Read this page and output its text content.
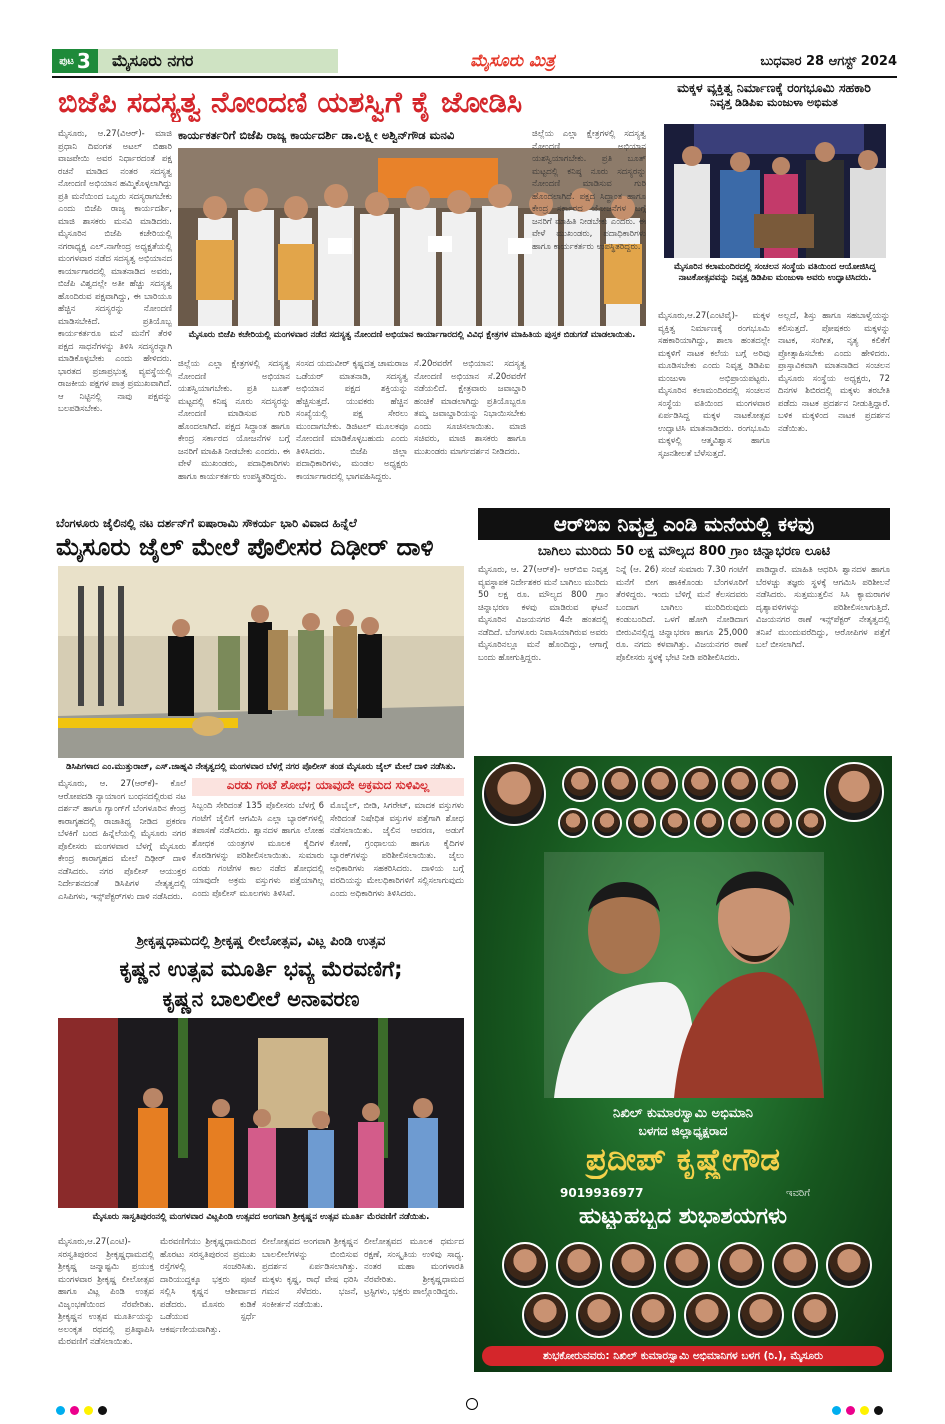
ಪುಟ 3	ಮೈಸೂರು ನಗರ	ಮೈಸೂರು ಮಿತ್ರ	ಬುಧವಾರ 28 ಆಗಸ್ಟ್ 2024
ಬಿಜೆಪಿ ಸದಸ್ಯತ್ವ ನೋಂದಣಿ ಯಶಸ್ವಿಗೆ ಕೈ ಜೋಡಿಸಿ
ಮೈಸೂರು, ಆ.27(ವಿಆರ್‌)- ಮಾಜಿ ಪ್ರಧಾನಿ ದಿವಂಗತ ಅಟಲ್ ಬಿಹಾರಿ ವಾಜಪೇಯಿ ಅವರ ನಿರ್ಧಾರದಂತೆ ಪಕ್ಷ ರಚನೆ ಮಾಡಿದ ನಂತರ ಸದಸ್ಯತ್ವ ನೋಂದಣಿ ಅಭಿಯಾನ ಹಮ್ಮಿಕೊಳ್ಳಲಾಗಿದ್ದು ಪ್ರತಿ ಮನೆಯಿಂದ ಒಬ್ಬರು ಸದಸ್ಯರಾಗಬೇಕು ಎಂದು ಬಿಜೆಪಿ ರಾಜ್ಯ ಕಾರ್ಯದರ್ಶಿ, ಮಾಜಿ ಶಾಸಕರು ಮನವಿ ಮಾಡಿದರು. ಮೈಸೂರಿನ ಬಿಜೆಪಿ ಕಚೇರಿಯಲ್ಲಿ ನಗರಾಧ್ಯಕ್ಷ ಎಲ್.ನಾಗೇಂದ್ರ ಅಧ್ಯಕ್ಷತೆಯಲ್ಲಿ ಮಂಗಳವಾರ ನಡೆದ ಸದಸ್ಯತ್ವ ಅಭಿಯಾನದ ಕಾರ್ಯಾಗಾರದಲ್ಲಿ ಮಾತನಾಡಿದ ಅವರು, ಬಿಜೆಪಿ ವಿಶ್ವದಲ್ಲೇ ಅತೀ ಹೆಚ್ಚು ಸದಸ್ಯತ್ವ ಹೊಂದಿರುವ ಪಕ್ಷವಾಗಿದ್ದು, ಈ ಬಾರಿಯೂ ಹೆಚ್ಚಿನ ಸದಸ್ಯರನ್ನು ನೋಂದಣಿ ಮಾಡಿಸಬೇಕಿದೆ. ಪ್ರತಿಯೊಬ್ಬ ಕಾರ್ಯಕರ್ತರೂ ಮನೆ ಮನೆಗೆ ತೆರಳಿ ಪಕ್ಷದ ಸಾಧನೆಗಳನ್ನು ತಿಳಿಸಿ ಸದಸ್ಯರನ್ನಾಗಿ ಮಾಡಿಕೊಳ್ಳಬೇಕು ಎಂದು ಹೇಳಿದರು. ಭಾರತದ ಪ್ರಜಾಪ್ರಭುತ್ವ ವ್ಯವಸ್ಥೆಯಲ್ಲಿ ರಾಜಕೀಯ ಪಕ್ಷಗಳ ಪಾತ್ರ ಪ್ರಮುಖವಾಗಿದೆ. ಆ ನಿಟ್ಟಿನಲ್ಲಿ ನಾವು ಪಕ್ಷವನ್ನು ಬಲಪಡಿಸಬೇಕು.
ಕಾರ್ಯಕರ್ತರಿಗೆ ಬಿಜೆಪಿ ರಾಜ್ಯ ಕಾರ್ಯದರ್ಶಿ ಡಾ.ಲಕ್ಷ್ಮೀ ಅಶ್ವಿನ್‌ಗೌಡ ಮನವಿ
ಮೈಸೂರು ಬಿಜೆಪಿ ಕಚೇರಿಯಲ್ಲಿ ಮಂಗಳವಾರ ನಡೆದ ಸದಸ್ಯತ್ವ ನೋಂದಣಿ ಅಭಿಯಾನ ಕಾರ್ಯಾಗಾರದಲ್ಲಿ ವಿವಿಧ ಕ್ಷೇತ್ರಗಳ ಮಾಹಿತಿಯ ಪುಸ್ತಕ ಬಿಡುಗಡೆ ಮಾಡಲಾಯಿತು.
ಜಿಲ್ಲೆಯ ಎಲ್ಲಾ ಕ್ಷೇತ್ರಗಳಲ್ಲಿ ಸದಸ್ಯತ್ವ ನೋಂದಣಿ ಅಭಿಯಾನ ಯಶಸ್ವಿಯಾಗಬೇಕು. ಪ್ರತಿ ಬೂತ್ ಮಟ್ಟದಲ್ಲಿ ಕನಿಷ್ಠ ನೂರು ಸದಸ್ಯರನ್ನು ನೋಂದಣಿ ಮಾಡಿಸುವ ಗುರಿ ಹೊಂದಲಾಗಿದೆ. ಪಕ್ಷದ ಸಿದ್ಧಾಂತ ಹಾಗೂ ಕೇಂದ್ರ ಸರ್ಕಾರದ ಯೋಜನೆಗಳ ಬಗ್ಗೆ ಜನರಿಗೆ ಮಾಹಿತಿ ನೀಡಬೇಕು ಎಂದರು. ಈ ವೇಳೆ ಮುಖಂಡರು, ಪದಾಧಿಕಾರಿಗಳು ಹಾಗೂ ಕಾರ್ಯಕರ್ತರು ಉಪಸ್ಥಿತರಿದ್ದರು.
ಸಂಸದ ಯದುವೀರ್ ಕೃಷ್ಣದತ್ತ ಚಾಮರಾಜ ಒಡೆಯರ್ ಮಾತನಾಡಿ, ಸದಸ್ಯತ್ವ ಅಭಿಯಾನ ಪಕ್ಷದ ಶಕ್ತಿಯನ್ನು ಹೆಚ್ಚಿಸುತ್ತದೆ. ಯುವಕರು ಹೆಚ್ಚಿನ ಸಂಖ್ಯೆಯಲ್ಲಿ ಪಕ್ಷ ಸೇರಲು ಮುಂದಾಗಬೇಕು. ಡಿಜಿಟಲ್ ಮೂಲಕವೂ ನೋಂದಣಿ ಮಾಡಿಕೊಳ್ಳಬಹುದು ಎಂದು ತಿಳಿಸಿದರು. ಬಿಜೆಪಿ ಜಿಲ್ಲಾ ಪದಾಧಿಕಾರಿಗಳು, ಮಂಡಲ ಅಧ್ಯಕ್ಷರು ಕಾರ್ಯಾಗಾರದಲ್ಲಿ ಭಾಗವಹಿಸಿದ್ದರು.
ಸೆ.20ರವರೆಗೆ ಅಭಿಯಾನ: ಸದಸ್ಯತ್ವ ನೋಂದಣಿ ಅಭಿಯಾನ ಸೆ.20ರವರೆಗೆ ನಡೆಯಲಿದೆ. ಕ್ಷೇತ್ರವಾರು ಜವಾಬ್ದಾರಿ ಹಂಚಿಕೆ ಮಾಡಲಾಗಿದ್ದು ಪ್ರತಿಯೊಬ್ಬರೂ ತಮ್ಮ ಜವಾಬ್ದಾರಿಯನ್ನು ನಿಭಾಯಿಸಬೇಕು ಎಂದು ಸೂಚಿಸಲಾಯಿತು. ಮಾಜಿ ಸಚಿವರು, ಮಾಜಿ ಶಾಸಕರು ಹಾಗೂ ಮುಖಂಡರು ಮಾರ್ಗದರ್ಶನ ನೀಡಿದರು.
ಜಿಲ್ಲೆಯ ಎಲ್ಲಾ ಕ್ಷೇತ್ರಗಳಲ್ಲಿ ಸದಸ್ಯತ್ವ ನೋಂದಣಿ ಅಭಿಯಾನ ಯಶಸ್ವಿಯಾಗಬೇಕು. ಪ್ರತಿ ಬೂತ್ ಮಟ್ಟದಲ್ಲಿ ಕನಿಷ್ಠ ನೂರು ಸದಸ್ಯರನ್ನು ನೋಂದಣಿ ಮಾಡಿಸುವ ಗುರಿ ಹೊಂದಲಾಗಿದೆ. ಪಕ್ಷದ ಸಿದ್ಧಾಂತ ಹಾಗೂ ಕೇಂದ್ರ ಸರ್ಕಾರದ ಯೋಜನೆಗಳ ಬಗ್ಗೆ ಜನರಿಗೆ ಮಾಹಿತಿ ನೀಡಬೇಕು ಎಂದರು. ಈ ವೇಳೆ ಮುಖಂಡರು, ಪದಾಧಿಕಾರಿಗಳು ಹಾಗೂ ಕಾರ್ಯಕರ್ತರು ಉಪಸ್ಥಿತರಿದ್ದರು.
ಮಕ್ಕಳ ವ್ಯಕ್ತಿತ್ವ ನಿರ್ಮಾಣಕ್ಕೆ ರಂಗಭೂಮಿ ಸಹಕಾರಿ
ನಿವೃತ್ತ ಡಿಡಿಪಿಐ ಮಂಜುಳಾ ಅಭಿಮತ
ಮೈಸೂರಿನ ಕಲಾಮಂದಿರದಲ್ಲಿ ಸಂಚಲನ ಸಂಸ್ಥೆಯ ವತಿಯಿಂದ ಆಯೋಜಿಸಿದ್ದ ನಾಟಕೋತ್ಸವವನ್ನು ನಿವೃತ್ತ ಡಿಡಿಪಿಐ ಮಂಜುಳಾ ಅವರು ಉದ್ಘಾಟಿಸಿದರು.
ಮೈಸೂರು,ಆ.27(ಎಂಟಿವೈ)- ಮಕ್ಕಳ ವ್ಯಕ್ತಿತ್ವ ನಿರ್ಮಾಣಕ್ಕೆ ರಂಗಭೂಮಿ ಸಹಕಾರಿಯಾಗಿದ್ದು, ಶಾಲಾ ಹಂತದಲ್ಲೇ ಮಕ್ಕಳಿಗೆ ನಾಟಕ ಕಲೆಯ ಬಗ್ಗೆ ಅರಿವು ಮೂಡಿಸಬೇಕು ಎಂದು ನಿವೃತ್ತ ಡಿಡಿಪಿಐ ಮಂಜುಳಾ ಅಭಿಪ್ರಾಯಪಟ್ಟರು. ಮೈಸೂರಿನ ಕಲಾಮಂದಿರದಲ್ಲಿ ಸಂಚಲನ ಸಂಸ್ಥೆಯ ವತಿಯಿಂದ ಮಂಗಳವಾರ ಏರ್ಪಡಿಸಿದ್ದ ಮಕ್ಕಳ ನಾಟಕೋತ್ಸವ ಉದ್ಘಾಟಿಸಿ ಮಾತನಾಡಿದರು. ರಂಗಭೂಮಿ ಮಕ್ಕಳಲ್ಲಿ ಆತ್ಮವಿಶ್ವಾಸ ಹಾಗೂ ಸೃಜನಶೀಲತೆ ಬೆಳೆಸುತ್ತದೆ.
ಅಲ್ಲದೆ, ಶಿಸ್ತು ಹಾಗೂ ಸಹಬಾಳ್ವೆಯನ್ನು ಕಲಿಸುತ್ತದೆ. ಪೋಷಕರು ಮಕ್ಕಳನ್ನು ನಾಟಕ, ಸಂಗೀತ, ನೃತ್ಯ ಕಲಿಕೆಗೆ ಪ್ರೋತ್ಸಾಹಿಸಬೇಕು ಎಂದು ಹೇಳಿದರು. ಪ್ರಾಸ್ತಾವಿಕವಾಗಿ ಮಾತನಾಡಿದ ಸಂಚಲನ ಮೈಸೂರು ಸಂಸ್ಥೆಯ ಅಧ್ಯಕ್ಷರು, 72 ದಿನಗಳ ಶಿಬಿರದಲ್ಲಿ ಮಕ್ಕಳು ತರಬೇತಿ ಪಡೆದು ನಾಟಕ ಪ್ರದರ್ಶನ ನೀಡುತ್ತಿದ್ದಾರೆ. ಬಳಿಕ ಮಕ್ಕಳಿಂದ ನಾಟಕ ಪ್ರದರ್ಶನ ನಡೆಯಿತು.
ಬೆಂಗಳೂರು ಜೈಲಿನಲ್ಲಿ ನಟ ದರ್ಶನ್‌ಗೆ ಐಷಾರಾಮಿ ಸೌಕರ್ಯ ಭಾರಿ ವಿವಾದ ಹಿನ್ನೆಲೆ
ಮೈಸೂರು ಜೈಲ್ ಮೇಲೆ ಪೊಲೀಸರ ದಿಢೀರ್ ದಾಳಿ
ಡಿಸಿಪಿಗಳಾದ ಎಂ.ಮುತ್ತುರಾಜ್, ಎಸ್.ಜಾಹ್ನವಿ ನೇತೃತ್ವದಲ್ಲಿ ಮಂಗಳವಾರ ಬೆಳಗ್ಗೆ ನಗರ ಪೊಲೀಸ್ ತಂಡ ಮೈಸೂರು ಜೈಲ್ ಮೇಲೆ ದಾಳಿ ನಡೆಸಿತು.
ಮೈಸೂರು, ಆ. 27(ಆರ್‌ಕೆ)- ಕೊಲೆ ಆರೋಪದಡಿ ನ್ಯಾಯಾಂಗ ಬಂಧನದಲ್ಲಿರುವ ನಟ ದರ್ಶನ್ ಹಾಗೂ ಗ್ಯಾಂಗ್‌ಗೆ ಬೆಂಗಳೂರಿನ ಕೇಂದ್ರ ಕಾರಾಗೃಹದಲ್ಲಿ ರಾಜಾತಿಥ್ಯ ನೀಡಿದ ಪ್ರಕರಣ ಬೆಳಕಿಗೆ ಬಂದ ಹಿನ್ನೆಲೆಯಲ್ಲಿ ಮೈಸೂರು ನಗರ ಪೊಲೀಸರು ಮಂಗಳವಾರ ಬೆಳಗ್ಗೆ ಮೈಸೂರು ಕೇಂದ್ರ ಕಾರಾಗೃಹದ ಮೇಲೆ ದಿಢೀರ್ ದಾಳಿ ನಡೆಸಿದರು. ನಗರ ಪೊಲೀಸ್ ಆಯುಕ್ತರ ನಿರ್ದೇಶನದಂತೆ ಡಿಸಿಪಿಗಳ ನೇತೃತ್ವದಲ್ಲಿ ಎಸಿಪಿಗಳು, ಇನ್ಸ್‌ಪೆಕ್ಟರ್‌ಗಳು ದಾಳಿ ನಡೆಸಿದರು.
ಎರಡು ಗಂಟೆ ಶೋಧ; ಯಾವುದೇ ಅಕ್ರಮದ ಸುಳಿವಿಲ್ಲ
ಸಿಬ್ಬಂದಿ ಸೇರಿದಂತೆ 135 ಪೊಲೀಸರು ಬೆಳಗ್ಗೆ 6 ಗಂಟೆಗೆ ಜೈಲಿಗೆ ಆಗಮಿಸಿ ಎಲ್ಲಾ ಬ್ಯಾರಕ್‌ಗಳಲ್ಲಿ ತಪಾಸಣೆ ನಡೆಸಿದರು. ಶ್ವಾನದಳ ಹಾಗೂ ಲೋಹ ಶೋಧಕ ಯಂತ್ರಗಳ ಮೂಲಕ ಕೈದಿಗಳ ಕೊಠಡಿಗಳನ್ನು ಪರಿಶೀಲಿಸಲಾಯಿತು. ಸುಮಾರು ಎರಡು ಗಂಟೆಗಳ ಕಾಲ ನಡೆದ ಶೋಧದಲ್ಲಿ ಯಾವುದೇ ಅಕ್ರಮ ವಸ್ತುಗಳು ಪತ್ತೆಯಾಗಿಲ್ಲ ಎಂದು ಪೊಲೀಸ್ ಮೂಲಗಳು ತಿಳಿಸಿವೆ.
ಮೊಬೈಲ್, ಬೀಡಿ, ಸಿಗರೇಟ್, ಮಾದಕ ವಸ್ತುಗಳು ಸೇರಿದಂತೆ ನಿಷೇಧಿತ ವಸ್ತುಗಳ ಪತ್ತೆಗಾಗಿ ಶೋಧ ನಡೆಸಲಾಯಿತು. ಜೈಲಿನ ಆವರಣ, ಅಡುಗೆ ಕೋಣೆ, ಗ್ರಂಥಾಲಯ ಹಾಗೂ ಕೈದಿಗಳ ಬ್ಯಾರಕ್‌ಗಳನ್ನು ಪರಿಶೀಲಿಸಲಾಯಿತು. ಜೈಲು ಅಧಿಕಾರಿಗಳು ಸಹಕರಿಸಿದರು. ದಾಳಿಯ ಬಗ್ಗೆ ವರದಿಯನ್ನು ಮೇಲಧಿಕಾರಿಗಳಿಗೆ ಸಲ್ಲಿಸಲಾಗುವುದು ಎಂದು ಅಧಿಕಾರಿಗಳು ತಿಳಿಸಿದರು.
ಆರ್‌ಬಿಐ ನಿವೃತ್ತ ಎಂಡಿ ಮನೆಯಲ್ಲಿ ಕಳವು
ಬಾಗಿಲು ಮುರಿದು 50 ಲಕ್ಷ ಮೌಲ್ಯದ 800 ಗ್ರಾಂ ಚಿನ್ನಾಭರಣ ಲೂಟಿ
ಮೈಸೂರು, ಆ. 27(ಆರ್‌ಕೆ)- ಆರ್‌ಬಿಐ ನಿವೃತ್ತ ವ್ಯವಸ್ಥಾಪಕ ನಿರ್ದೇಶಕರ ಮನೆ ಬಾಗಿಲು ಮುರಿದು 50 ಲಕ್ಷ ರೂ. ಮೌಲ್ಯದ 800 ಗ್ರಾಂ ಚಿನ್ನಾಭರಣ ಕಳವು ಮಾಡಿರುವ ಘಟನೆ ಮೈಸೂರಿನ ವಿಜಯನಗರ 4ನೇ ಹಂತದಲ್ಲಿ ನಡೆದಿದೆ. ಬೆಂಗಳೂರು ನಿವಾಸಿಯಾಗಿರುವ ಅವರು ಮೈಸೂರಿನಲ್ಲೂ ಮನೆ ಹೊಂದಿದ್ದು, ಆಗಾಗ್ಗೆ ಬಂದು ಹೋಗುತ್ತಿದ್ದರು.
ನಿನ್ನೆ (ಆ. 26) ಸಂಜೆ ಸುಮಾರು 7.30 ಗಂಟೆಗೆ ಮನೆಗೆ ಬೀಗ ಹಾಕಿಕೊಂಡು ಬೆಂಗಳೂರಿಗೆ ತೆರಳಿದ್ದರು. ಇಂದು ಬೆಳಿಗ್ಗೆ ಮನೆ ಕೆಲಸದವರು ಬಂದಾಗ ಬಾಗಿಲು ಮುರಿದಿರುವುದು ಕಂಡುಬಂದಿದೆ. ಒಳಗೆ ಹೋಗಿ ನೋಡಿದಾಗ ಬೀರುವಿನಲ್ಲಿದ್ದ ಚಿನ್ನಾಭರಣ ಹಾಗೂ 25,000 ರೂ. ನಗದು ಕಳವಾಗಿತ್ತು. ವಿಜಯನಗರ ಠಾಣೆ ಪೊಲೀಸರು ಸ್ಥಳಕ್ಕೆ ಭೇಟಿ ನೀಡಿ ಪರಿಶೀಲಿಸಿದರು.
ಪಾಡಿದ್ದಾರೆ. ಮಾಹಿತಿ ಆಧರಿಸಿ ಶ್ವಾನದಳ ಹಾಗೂ ಬೆರಳಚ್ಚು ತಜ್ಞರು ಸ್ಥಳಕ್ಕೆ ಆಗಮಿಸಿ ಪರಿಶೀಲನೆ ನಡೆಸಿದರು. ಸುತ್ತಮುತ್ತಲಿನ ಸಿಸಿ ಕ್ಯಾಮರಾಗಳ ದೃಶ್ಯಾವಳಿಗಳನ್ನು ಪರಿಶೀಲಿಸಲಾಗುತ್ತಿದೆ. ವಿಜಯನಗರ ಠಾಣೆ ಇನ್ಸ್‌ಪೆಕ್ಟರ್ ನೇತೃತ್ವದಲ್ಲಿ ತನಿಖೆ ಮುಂದುವರೆದಿದ್ದು, ಆರೋಪಿಗಳ ಪತ್ತೆಗೆ ಬಲೆ ಬೀಸಲಾಗಿದೆ.
ಶ್ರೀಕೃಷ್ಣಧಾಮದಲ್ಲಿ ಶ್ರೀಕೃಷ್ಣ ಲೀಲೋತ್ಸವ, ವಿಟ್ಲ ಪಿಂಡಿ ಉತ್ಸವ
ಕೃಷ್ಣನ ಉತ್ಸವ ಮೂರ್ತಿ ಭವ್ಯ ಮೆರವಣಿಗೆ;
ಕೃಷ್ಣನ ಬಾಲಲೀಲೆ ಅನಾವರಣ
ಮೈಸೂರು ಸಾಸ್ವತಿಪುರಂನಲ್ಲಿ ಮಂಗಳವಾರ ವಿಟ್ಲಪಿಂಡಿ ಉತ್ಸವದ ಅಂಗವಾಗಿ ಶ್ರೀಕೃಷ್ಣನ ಉತ್ಸವ ಮೂರ್ತಿ ಮೆರವಣಿಗೆ ನಡೆಯಿತು.
ಮೈಸೂರು,ಆ.27(ಎಂಟಿ)- ಸರಸ್ವತಿಪುರಂನ ಶ್ರೀಕೃಷ್ಣಧಾಮದಲ್ಲಿ ಶ್ರೀಕೃಷ್ಣ ಜನ್ಮಾಷ್ಟಮಿ ಪ್ರಯುಕ್ತ ಮಂಗಳವಾರ ಶ್ರೀಕೃಷ್ಣ ಲೀಲೋತ್ಸವ ಹಾಗೂ ವಿಟ್ಲ ಪಿಂಡಿ ಉತ್ಸವ ವಿಜೃಂಭಣೆಯಿಂದ ನೆರವೇರಿತು. ಶ್ರೀಕೃಷ್ಣನ ಉತ್ಸವ ಮೂರ್ತಿಯನ್ನು ಅಲಂಕೃತ ರಥದಲ್ಲಿ ಪ್ರತಿಷ್ಠಾಪಿಸಿ ಮೆರವಣಿಗೆ ನಡೆಸಲಾಯಿತು.
ಮೆರವಣಿಗೆಯು ಶ್ರೀಕೃಷ್ಣಧಾಮದಿಂದ ಹೊರಟು ಸರಸ್ವತಿಪುರಂನ ಪ್ರಮುಖ ರಸ್ತೆಗಳಲ್ಲಿ ಸಂಚರಿಸಿತು. ದಾರಿಯುದ್ದಕ್ಕೂ ಭಕ್ತರು ಪೂಜೆ ಸಲ್ಲಿಸಿ ಕೃಷ್ಣನ ಆಶೀರ್ವಾದ ಪಡೆದರು. ಮೊಸರು ಕುಡಿಕೆ ಒಡೆಯುವ ಸ್ಪರ್ಧೆ ಆಕರ್ಷಣೀಯವಾಗಿತ್ತು.
ಲೀಲೋತ್ಸವದ ಅಂಗವಾಗಿ ಶ್ರೀಕೃಷ್ಣನ ಬಾಲಲೀಲೆಗಳನ್ನು ಬಿಂಬಿಸುವ ಪ್ರದರ್ಶನ ಏರ್ಪಡಿಸಲಾಗಿತ್ತು. ಮಕ್ಕಳು ಕೃಷ್ಣ, ರಾಧೆ ವೇಷ ಧರಿಸಿ ಗಮನ ಸೆಳೆದರು. ಭಜನೆ, ಸಂಕೀರ್ತನೆ ನಡೆಯಿತು.
ಲೀಲೋತ್ಸವದ ಮೂಲಕ ಧರ್ಮದ ರಕ್ಷಣೆ, ಸಂಸ್ಕೃತಿಯ ಉಳಿವು ಸಾಧ್ಯ. ನಂತರ ಮಹಾ ಮಂಗಳಾರತಿ ನೆರವೇರಿತು. ಶ್ರೀಕೃಷ್ಣಧಾಮದ ಟ್ರಸ್ಟಿಗಳು, ಭಕ್ತರು ಪಾಲ್ಗೊಂಡಿದ್ದರು.
ನಿಖಿಲ್ ಕುಮಾರಸ್ವಾಮಿ ಅಭಿಮಾನಿ
ಬಳಗದ ಜಿಲ್ಲಾಧ್ಯಕ್ಷರಾದ
ಪ್ರದೀಪ್ ಕೃಷ್ಣೇಗೌಡ
9019936977	ಇವರಿಗೆ
ಹುಟ್ಟುಹಬ್ಬದ ಶುಭಾಶಯಗಳು
ಶುಭಕೋರುವವರು: ನಿಖಿಲ್ ಕುಮಾರಸ್ವಾಮಿ ಅಭಿಮಾನಿಗಳ ಬಳಗ (ರಿ.), ಮೈಸೂರು
